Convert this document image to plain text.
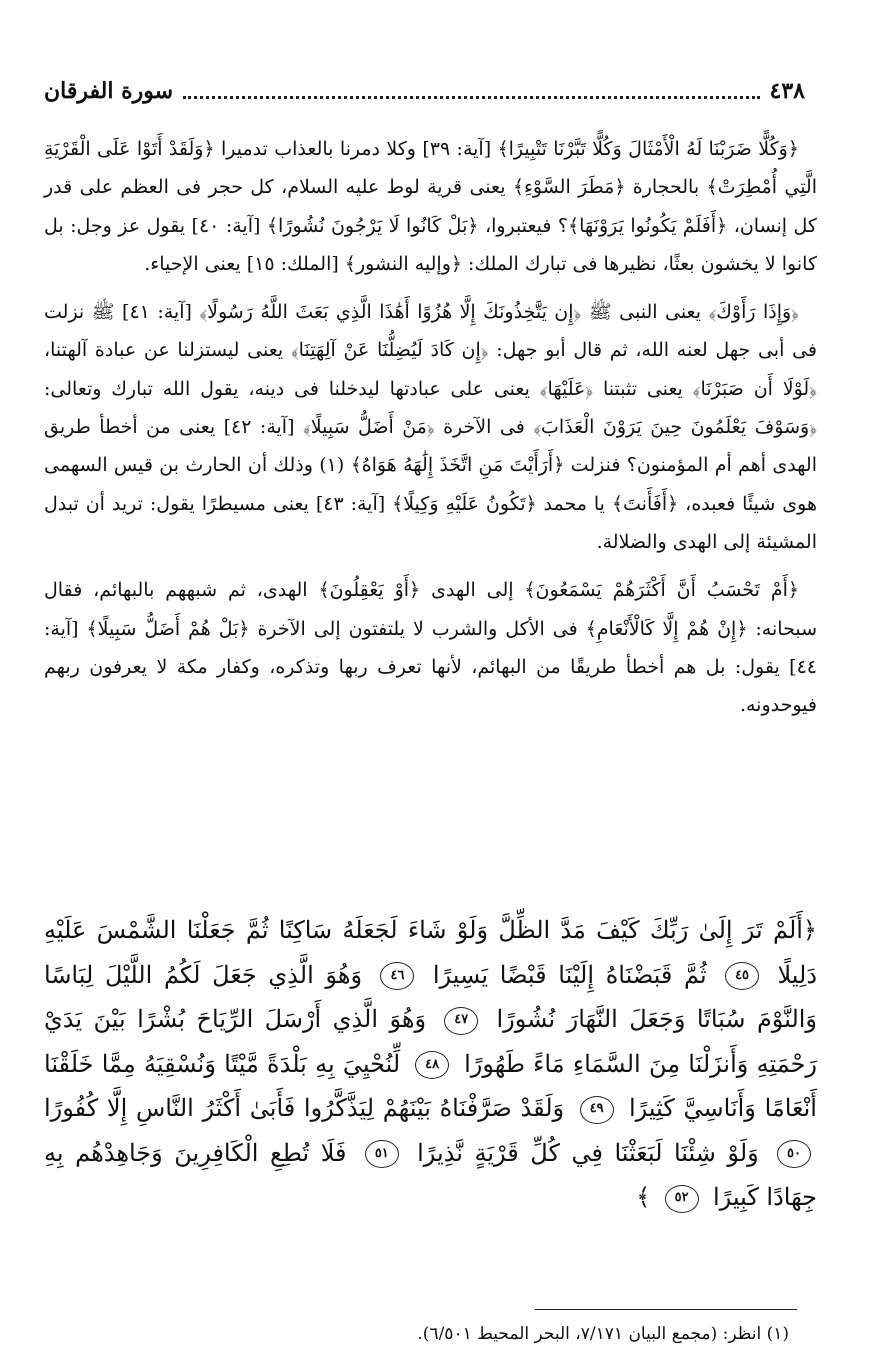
٤٣٨
سورة الفرقان

﴿وَكُلًّا ضَرَبْنَا لَهُ الْأَمْثَالَ وَكُلًّا تَبَّرْنَا تَتْبِيرًا﴾ [آية: ٣٩] وكلا دمرنا بالعذاب تدميرا ﴿وَلَقَدْ أَتَوْا عَلَى الْقَرْيَةِ الَّتِي أُمْطِرَتْ﴾ بالحجارة ﴿مَطَرَ السَّوْءِ﴾ يعنى قرية لوط عليه السلام، كل حجر فى العظم على قدر كل إنسان، ﴿أَفَلَمْ يَكُونُوا يَرَوْنَهَا﴾؟ فيعتبروا، ﴿بَلْ كَانُوا لَا يَرْجُونَ نُشُورًا﴾ [آية: ٤٠] يقول عز وجل: بل كانوا لا يخشون بعثًا، نظيرها فى تبارك الملك: ﴿وإليه النشور﴾ [الملك: ١٥] يعنى الإحياء.

﴿وَإِذَا رَأَوْكَ﴾ يعنى النبى ﷺ ﴿إِن يَتَّخِذُونَكَ إِلَّا هُزُوًا أَهَٰذَا الَّذِي بَعَثَ اللَّهُ رَسُولًا﴾ [آية: ٤١] ﷺ نزلت فى أبى جهل لعنه الله، ثم قال أبو جهل: ﴿إِن كَادَ لَيُضِلُّنَا عَنْ آلِهَتِنَا﴾ يعنى ليستزلنا عن عبادة آلهتنا، ﴿لَوْلَا أَن صَبَرْنَا﴾ يعنى تثبتنا ﴿عَلَيْهَا﴾ يعنى على عبادتها ليدخلنا فى دينه، يقول الله تبارك وتعالى: ﴿وَسَوْفَ يَعْلَمُونَ حِينَ يَرَوْنَ الْعَذَابَ﴾ فى الآخرة ﴿مَنْ أَضَلُّ سَبِيلًا﴾ [آية: ٤٢] يعنى من أخطأ طريق الهدى أهم أم المؤمنون؟ فنزلت ﴿أَرَأَيْتَ مَنِ اتَّخَذَ إِلَٰهَهُ هَوَاهُ﴾ (١) وذلك أن الحارث بن قيس السهمى هوى شيئًا فعبده، ﴿أَفَأَنتَ﴾ يا محمد ﴿تَكُونُ عَلَيْهِ وَكِيلًا﴾ [آية: ٤٣] يعنى مسيطرًا يقول: تريد أن تبدل المشيئة إلى الهدى والضلالة.

﴿أَمْ تَحْسَبُ أَنَّ أَكْثَرَهُمْ يَسْمَعُونَ﴾ إلى الهدى ﴿أَوْ يَعْقِلُونَ﴾ الهدى، ثم شبههم بالبهائم، فقال سبحانه: ﴿إِنْ هُمْ إِلَّا كَالْأَنْعَامِ﴾ فى الأكل والشرب لا يلتفتون إلى الآخرة ﴿بَلْ هُمْ أَضَلُّ سَبِيلًا﴾ [آية: ٤٤] يقول: بل هم أخطأ طريقًا من البهائم، لأنها تعرف ربها وتذكره، وكفار مكة لا يعرفون ربهم فيوحدونه.

﴿أَلَمْ تَرَ إِلَىٰ رَبِّكَ كَيْفَ مَدَّ الظِّلَّ وَلَوْ شَاءَ لَجَعَلَهُ سَاكِنًا ثُمَّ جَعَلْنَا الشَّمْسَ عَلَيْهِ دَلِيلًا ٤٥ ثُمَّ قَبَضْنَاهُ إِلَيْنَا قَبْضًا يَسِيرًا ٤٦ وَهُوَ الَّذِي جَعَلَ لَكُمُ اللَّيْلَ لِبَاسًا وَالنَّوْمَ سُبَاتًا وَجَعَلَ النَّهَارَ نُشُورًا ٤٧ وَهُوَ الَّذِي أَرْسَلَ الرِّيَاحَ بُشْرًا بَيْنَ يَدَيْ رَحْمَتِهِ وَأَنزَلْنَا مِنَ السَّمَاءِ مَاءً طَهُورًا ٤٨ لِّنُحْيِيَ بِهِ بَلْدَةً مَّيْتًا وَنُسْقِيَهُ مِمَّا خَلَقْنَا أَنْعَامًا وَأَنَاسِيَّ كَثِيرًا ٤٩ وَلَقَدْ صَرَّفْنَاهُ بَيْنَهُمْ لِيَذَّكَّرُوا فَأَبَىٰ أَكْثَرُ النَّاسِ إِلَّا كُفُورًا ٥٠ وَلَوْ شِئْنَا لَبَعَثْنَا فِي كُلِّ قَرْيَةٍ نَّذِيرًا ٥١ فَلَا تُطِعِ الْكَافِرِينَ وَجَاهِدْهُم بِهِ جِهَادًا كَبِيرًا ٥٢ ﴾
(١) انظر: (مجمع البيان ٧/١٧١، البحر المحيط ٦/٥٠١).
